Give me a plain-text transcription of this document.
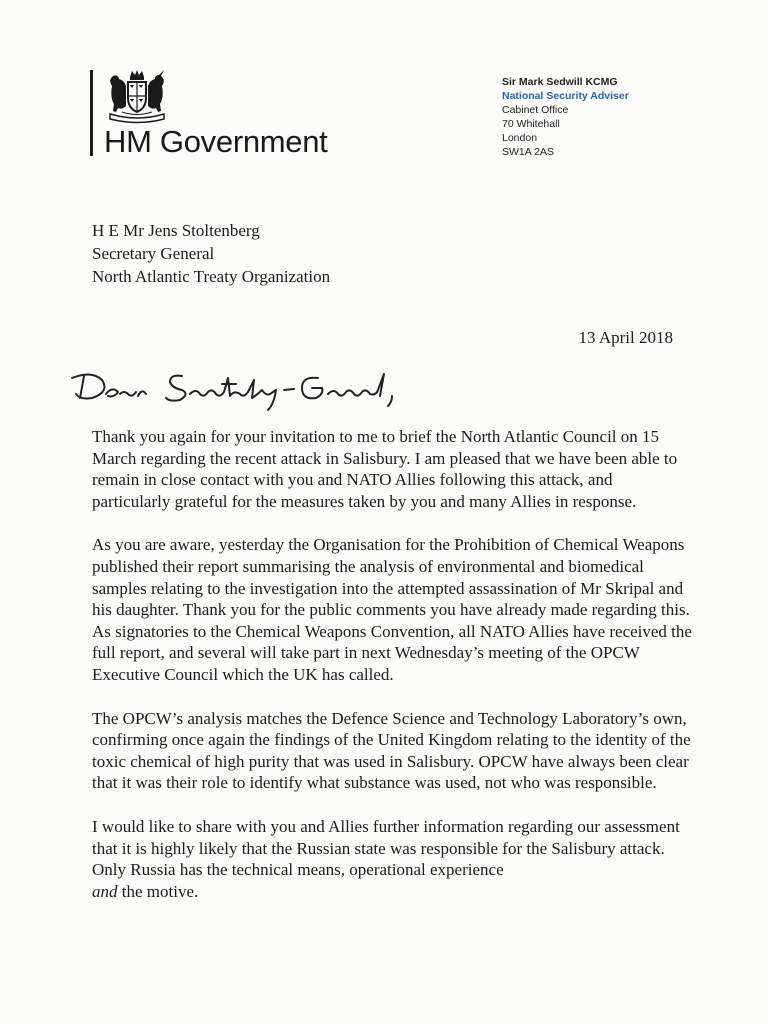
HM Government
Sir Mark Sedwill KCMG
National Security Adviser
Cabinet Office
70 Whitehall
London
SW1A 2AS
H E Mr Jens Stoltenberg
Secretary General
North Atlantic Treaty Organization
13 April 2018

Thank you again for your invitation to me to brief the North Atlantic Council on 15 March regarding the recent attack in Salisbury. I am pleased that we have been able to remain in close contact with you and NATO Allies following this attack, and particularly grateful for the measures taken by you and many Allies in response.

As you are aware, yesterday the Organisation for the Prohibition of Chemical Weapons published their report summarising the analysis of environmental and biomedical samples relating to the investigation into the attempted assassination of Mr Skripal and his daughter. Thank you for the public comments you have already made regarding this. As signatories to the Chemical Weapons Convention, all NATO Allies have received the full report, and several will take part in next Wednesday’s meeting of the OPCW Executive Council which the UK has called.

The OPCW’s analysis matches the Defence Science and Technology Laboratory’s own, confirming once again the findings of the United Kingdom relating to the identity of the toxic chemical of high purity that was used in Salisbury. OPCW have always been clear that it was their role to identify what substance was used, not who was responsible.

I would like to share with you and Allies further information regarding our assessment that it is highly likely that the Russian state was responsible for the Salisbury attack. Only Russia has the technical means, operational experience
and the motive.
